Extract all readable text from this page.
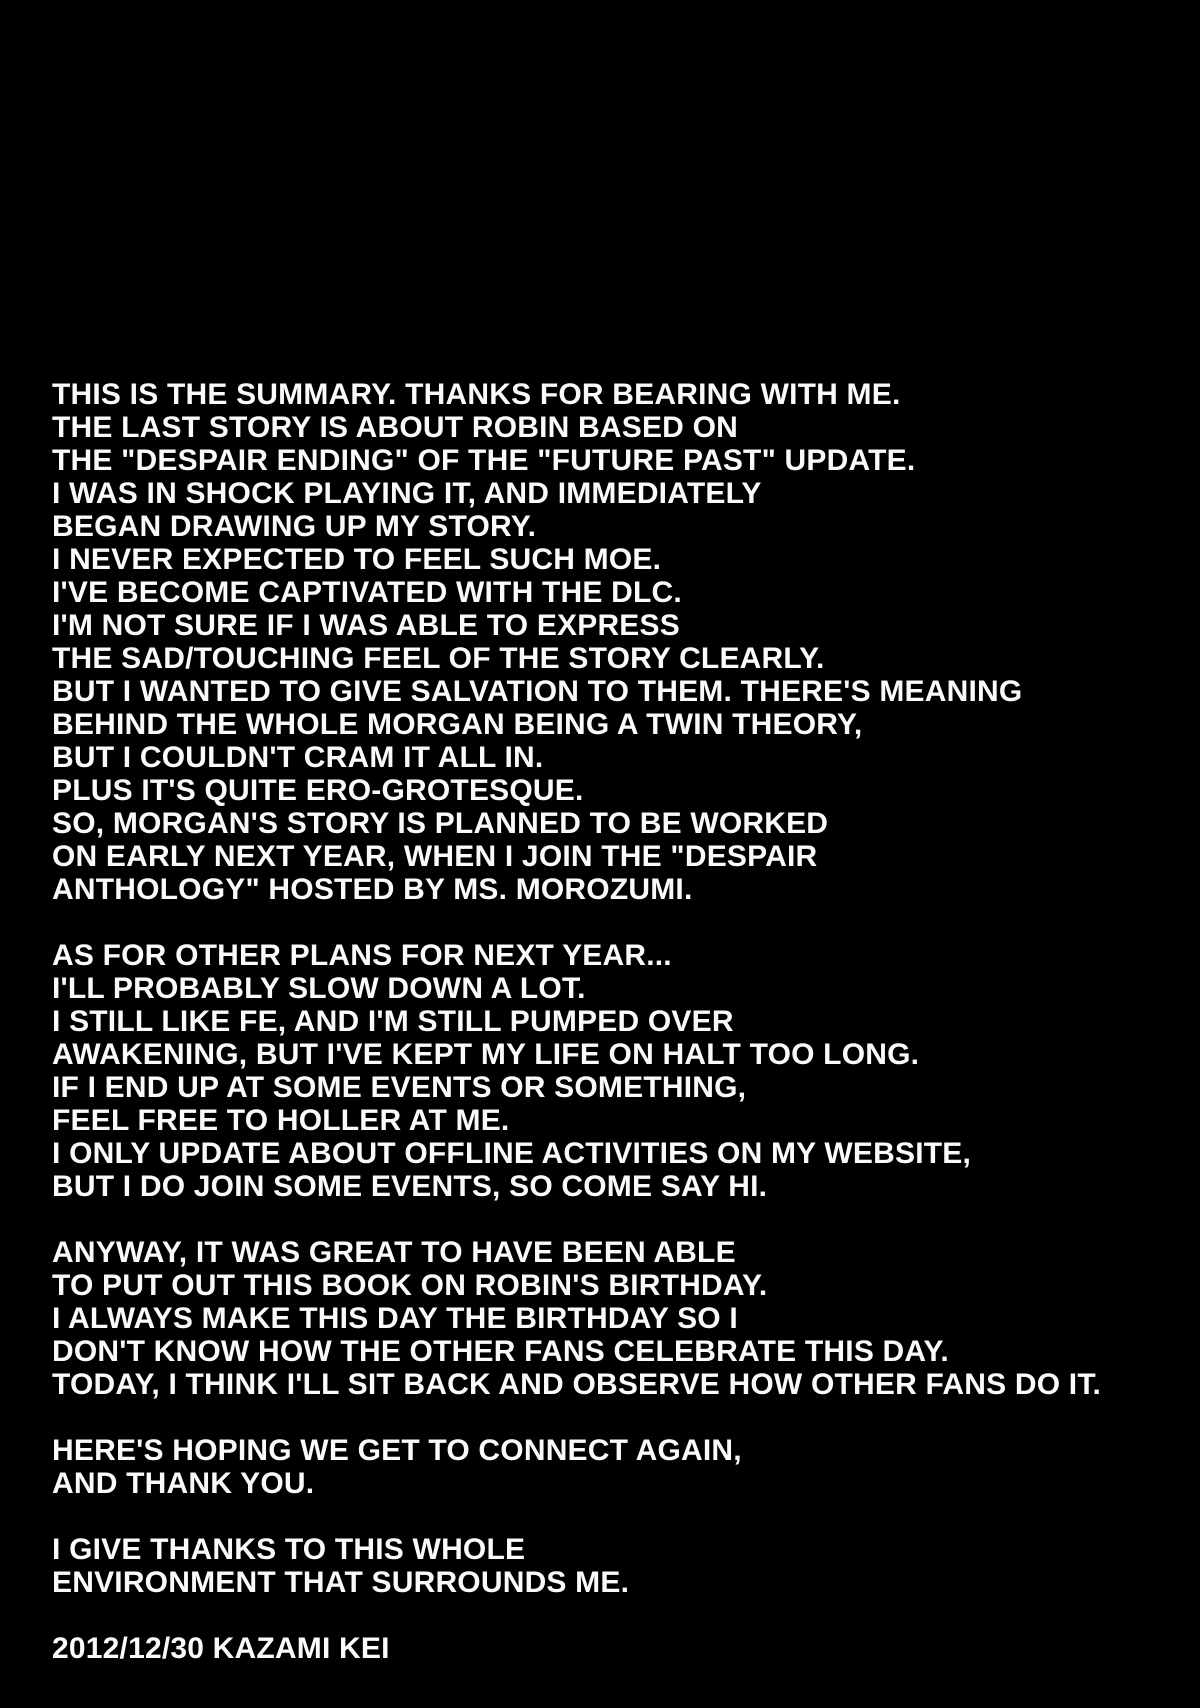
THIS IS THE SUMMARY. THANKS FOR BEARING WITH ME.
THE LAST STORY IS ABOUT ROBIN BASED ON
THE "DESPAIR ENDING" OF THE "FUTURE PAST" UPDATE.
I WAS IN SHOCK PLAYING IT, AND IMMEDIATELY
BEGAN DRAWING UP MY STORY.
I NEVER EXPECTED TO FEEL SUCH MOE.
I'VE BECOME CAPTIVATED WITH THE DLC.
I'M NOT SURE IF I WAS ABLE TO EXPRESS
THE SAD/TOUCHING FEEL OF THE STORY CLEARLY.
BUT I WANTED TO GIVE SALVATION TO THEM. THERE'S MEANING
BEHIND THE WHOLE MORGAN BEING A TWIN THEORY,
BUT I COULDN'T CRAM IT ALL IN.
PLUS IT'S QUITE ERO-GROTESQUE.
SO, MORGAN'S STORY IS PLANNED TO BE WORKED
ON EARLY NEXT YEAR, WHEN I JOIN THE "DESPAIR
ANTHOLOGY" HOSTED BY MS. MOROZUMI.
AS FOR OTHER PLANS FOR NEXT YEAR...
I'LL PROBABLY SLOW DOWN A LOT.
I STILL LIKE FE, AND I'M STILL PUMPED OVER
AWAKENING, BUT I'VE KEPT MY LIFE ON HALT TOO LONG.
IF I END UP AT SOME EVENTS OR SOMETHING,
FEEL FREE TO HOLLER AT ME.
I ONLY UPDATE ABOUT OFFLINE ACTIVITIES ON MY WEBSITE,
BUT I DO JOIN SOME EVENTS, SO COME SAY HI.
ANYWAY, IT WAS GREAT TO HAVE BEEN ABLE
TO PUT OUT THIS BOOK ON ROBIN'S BIRTHDAY.
I ALWAYS MAKE THIS DAY THE BIRTHDAY SO I
DON'T KNOW HOW THE OTHER FANS CELEBRATE THIS DAY.
TODAY, I THINK I'LL SIT BACK AND OBSERVE HOW OTHER FANS DO IT.
HERE'S HOPING WE GET TO CONNECT AGAIN,
AND THANK YOU.
I GIVE THANKS TO THIS WHOLE
ENVIRONMENT THAT SURROUNDS ME.
2012/12/30 KAZAMI KEI
